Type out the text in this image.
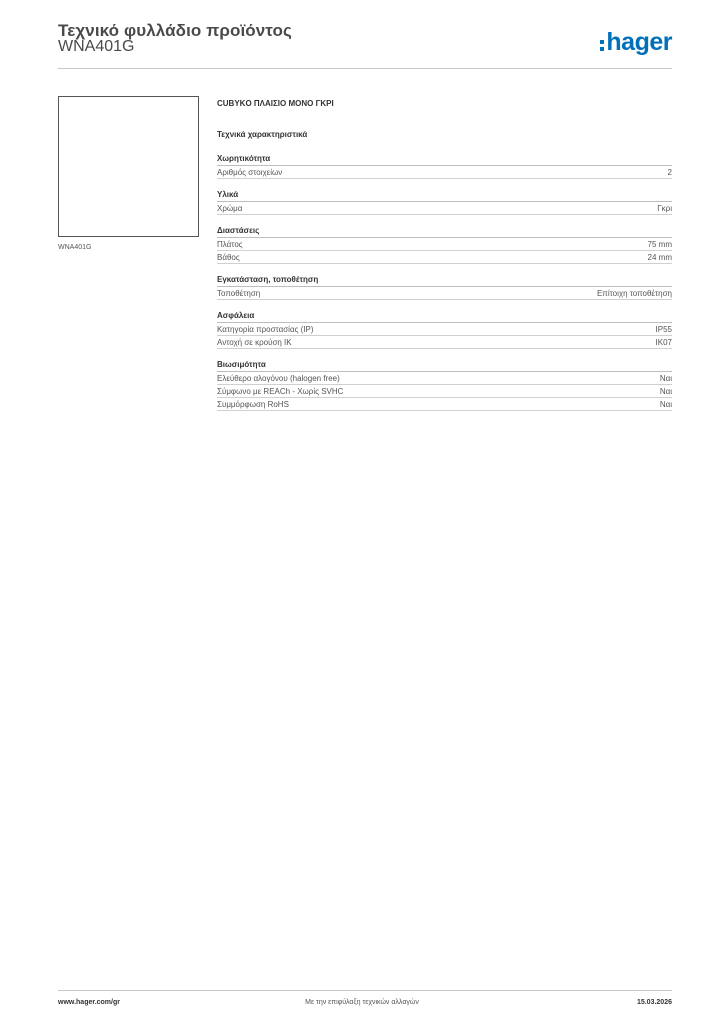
Τεχνικό φυλλάδιο προϊόντος
WNA401G	hager
WNA401G
CUBYKO ΠΛΑΙΣΙΟ ΜΟΝΟ ΓΚΡΙ
Τεχνικά χαρακτηριστικά
Χωρητικότητα
Αριθμός στοιχείων	2
Υλικά
Χρώμα	Γκρι
Διαστάσεις
Πλάτος	75 mm
Βάθος	24 mm
Εγκατάσταση, τοποθέτηση
Τοποθέτηση	Επίτοιχη τοποθέτηση
Ασφάλεια
Κατηγορία προστασίας (IP)	IP55
Αντοχή σε κρούση IK	IK07
Βιωσιμότητα
Ελεύθερο αλογόνου (halogen free)	Ναι
Σύμφωνο με REACh - Χωρίς SVHC	Ναι
Συμμόρφωση RoHS	Ναι
www.hager.com/gr	Με την επιφύλαξη τεχνικών αλλαγών	15.03.2026
